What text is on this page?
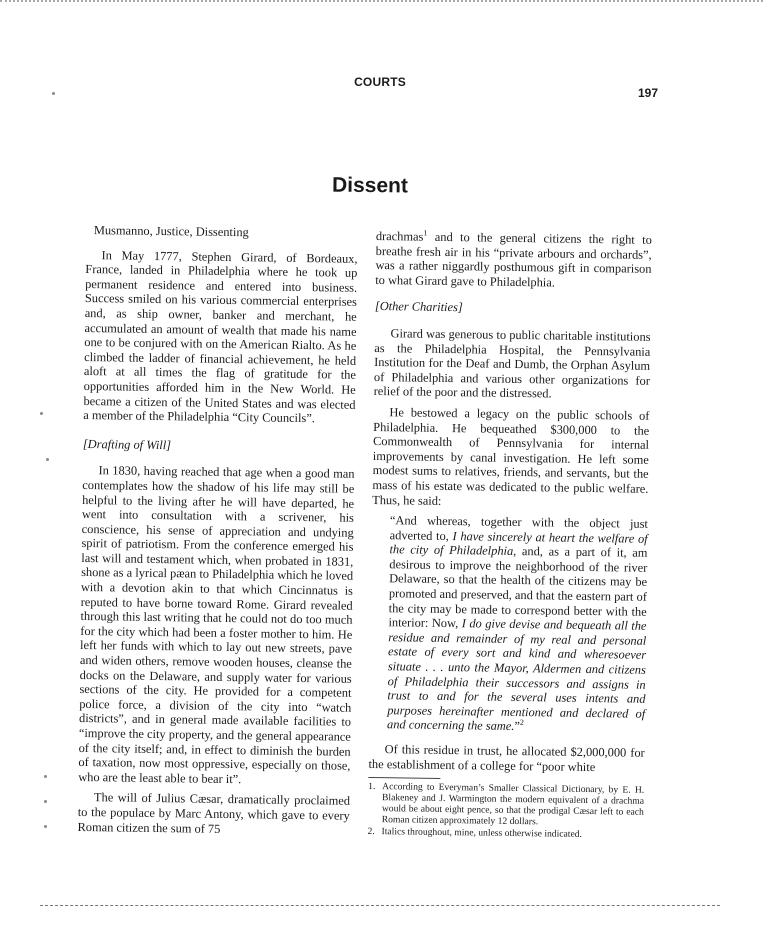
COURTS
197
Dissent

Musmanno, Justice, Dissenting

In May 1777, Stephen Girard, of Bordeaux, France, landed in Philadelphia where he took up permanent residence and entered into business. Success smiled on his various commercial enterprises and, as ship owner, banker and merchant, he accumulated an amount of wealth that made his name one to be conjured with on the American Rialto. As he climbed the ladder of financial achievement, he held aloft at all times the flag of gratitude for the opportunities afforded him in the New World. He became a citizen of the United States and was elected a member of the Philadelphia “City Councils”.

[Drafting of Will]

In 1830, having reached that age when a good man contemplates how the shadow of his life may still be helpful to the living after he will have departed, he went into consultation with a scrivener, his conscience, his sense of appreciation and undying spirit of patriotism. From the conference emerged his last will and testament which, when probated in 1831, shone as a lyrical pæan to Philadelphia which he loved with a devotion akin to that which Cincinnatus is reputed to have borne toward Rome. Girard revealed through this last writing that he could not do too much for the city which had been a foster mother to him. He left her funds with which to lay out new streets, pave and widen others, remove wooden houses, cleanse the docks on the Delaware, and supply water for various sections of the city. He provided for a competent police force, a division of the city into “watch districts”, and in general made available facilities to “improve the city property, and the general appearance of the city itself; and, in effect to diminish the burden of taxation, now most oppressive, especially on those, who are the least able to bear it”.

The will of Julius Cæsar, dramatically proclaimed to the populace by Marc Antony, which gave to every Roman citizen the sum of 75

drachmas$^1$ and to the general citizens the right to breathe fresh air in his “private arbours and orchards”, was a rather niggardly posthumous gift in comparison to what Girard gave to Philadelphia.

[Other Charities]

Girard was generous to public charitable institutions as the Philadelphia Hospital, the Pennsylvania Institution for the Deaf and Dumb, the Orphan Asylum of Philadelphia and various other organizations for relief of the poor and the distressed.

He bestowed a legacy on the public schools of Philadelphia. He bequeathed $300,000 to the Commonwealth of Pennsylvania for internal improvements by canal investigation. He left some modest sums to relatives, friends, and servants, but the mass of his estate was dedicated to the public welfare. Thus, he said:

“And whereas, together with the object just adverted to, I have sincerely at heart the welfare of the city of Philadelphia, and, as a part of it, am desirous to improve the neighborhood of the river Delaware, so that the health of the citizens may be promoted and preserved, and that the eastern part of the city may be made to correspond better with the interior: Now, I do give devise and bequeath all the residue and remainder of my real and personal estate of every sort and kind and wheresoever situate . . . unto the Mayor, Aldermen and citizens of Philadelphia their successors and assigns in trust to and for the several uses intents and purposes hereinafter mentioned and declared of and concerning the same.”$^2$

Of this residue in trust, he allocated $2,000,000 for the establishment of a college for “poor white

1. According to Everyman’s Smaller Classical Dictionary, by E. H. Blakeney and J. Warmington the modern equivalent of a drachma would be about eight pence, so that the prodigal Cæsar left to each Roman citizen approximately 12 dollars.
2. Italics throughout, mine, unless otherwise indicated.
